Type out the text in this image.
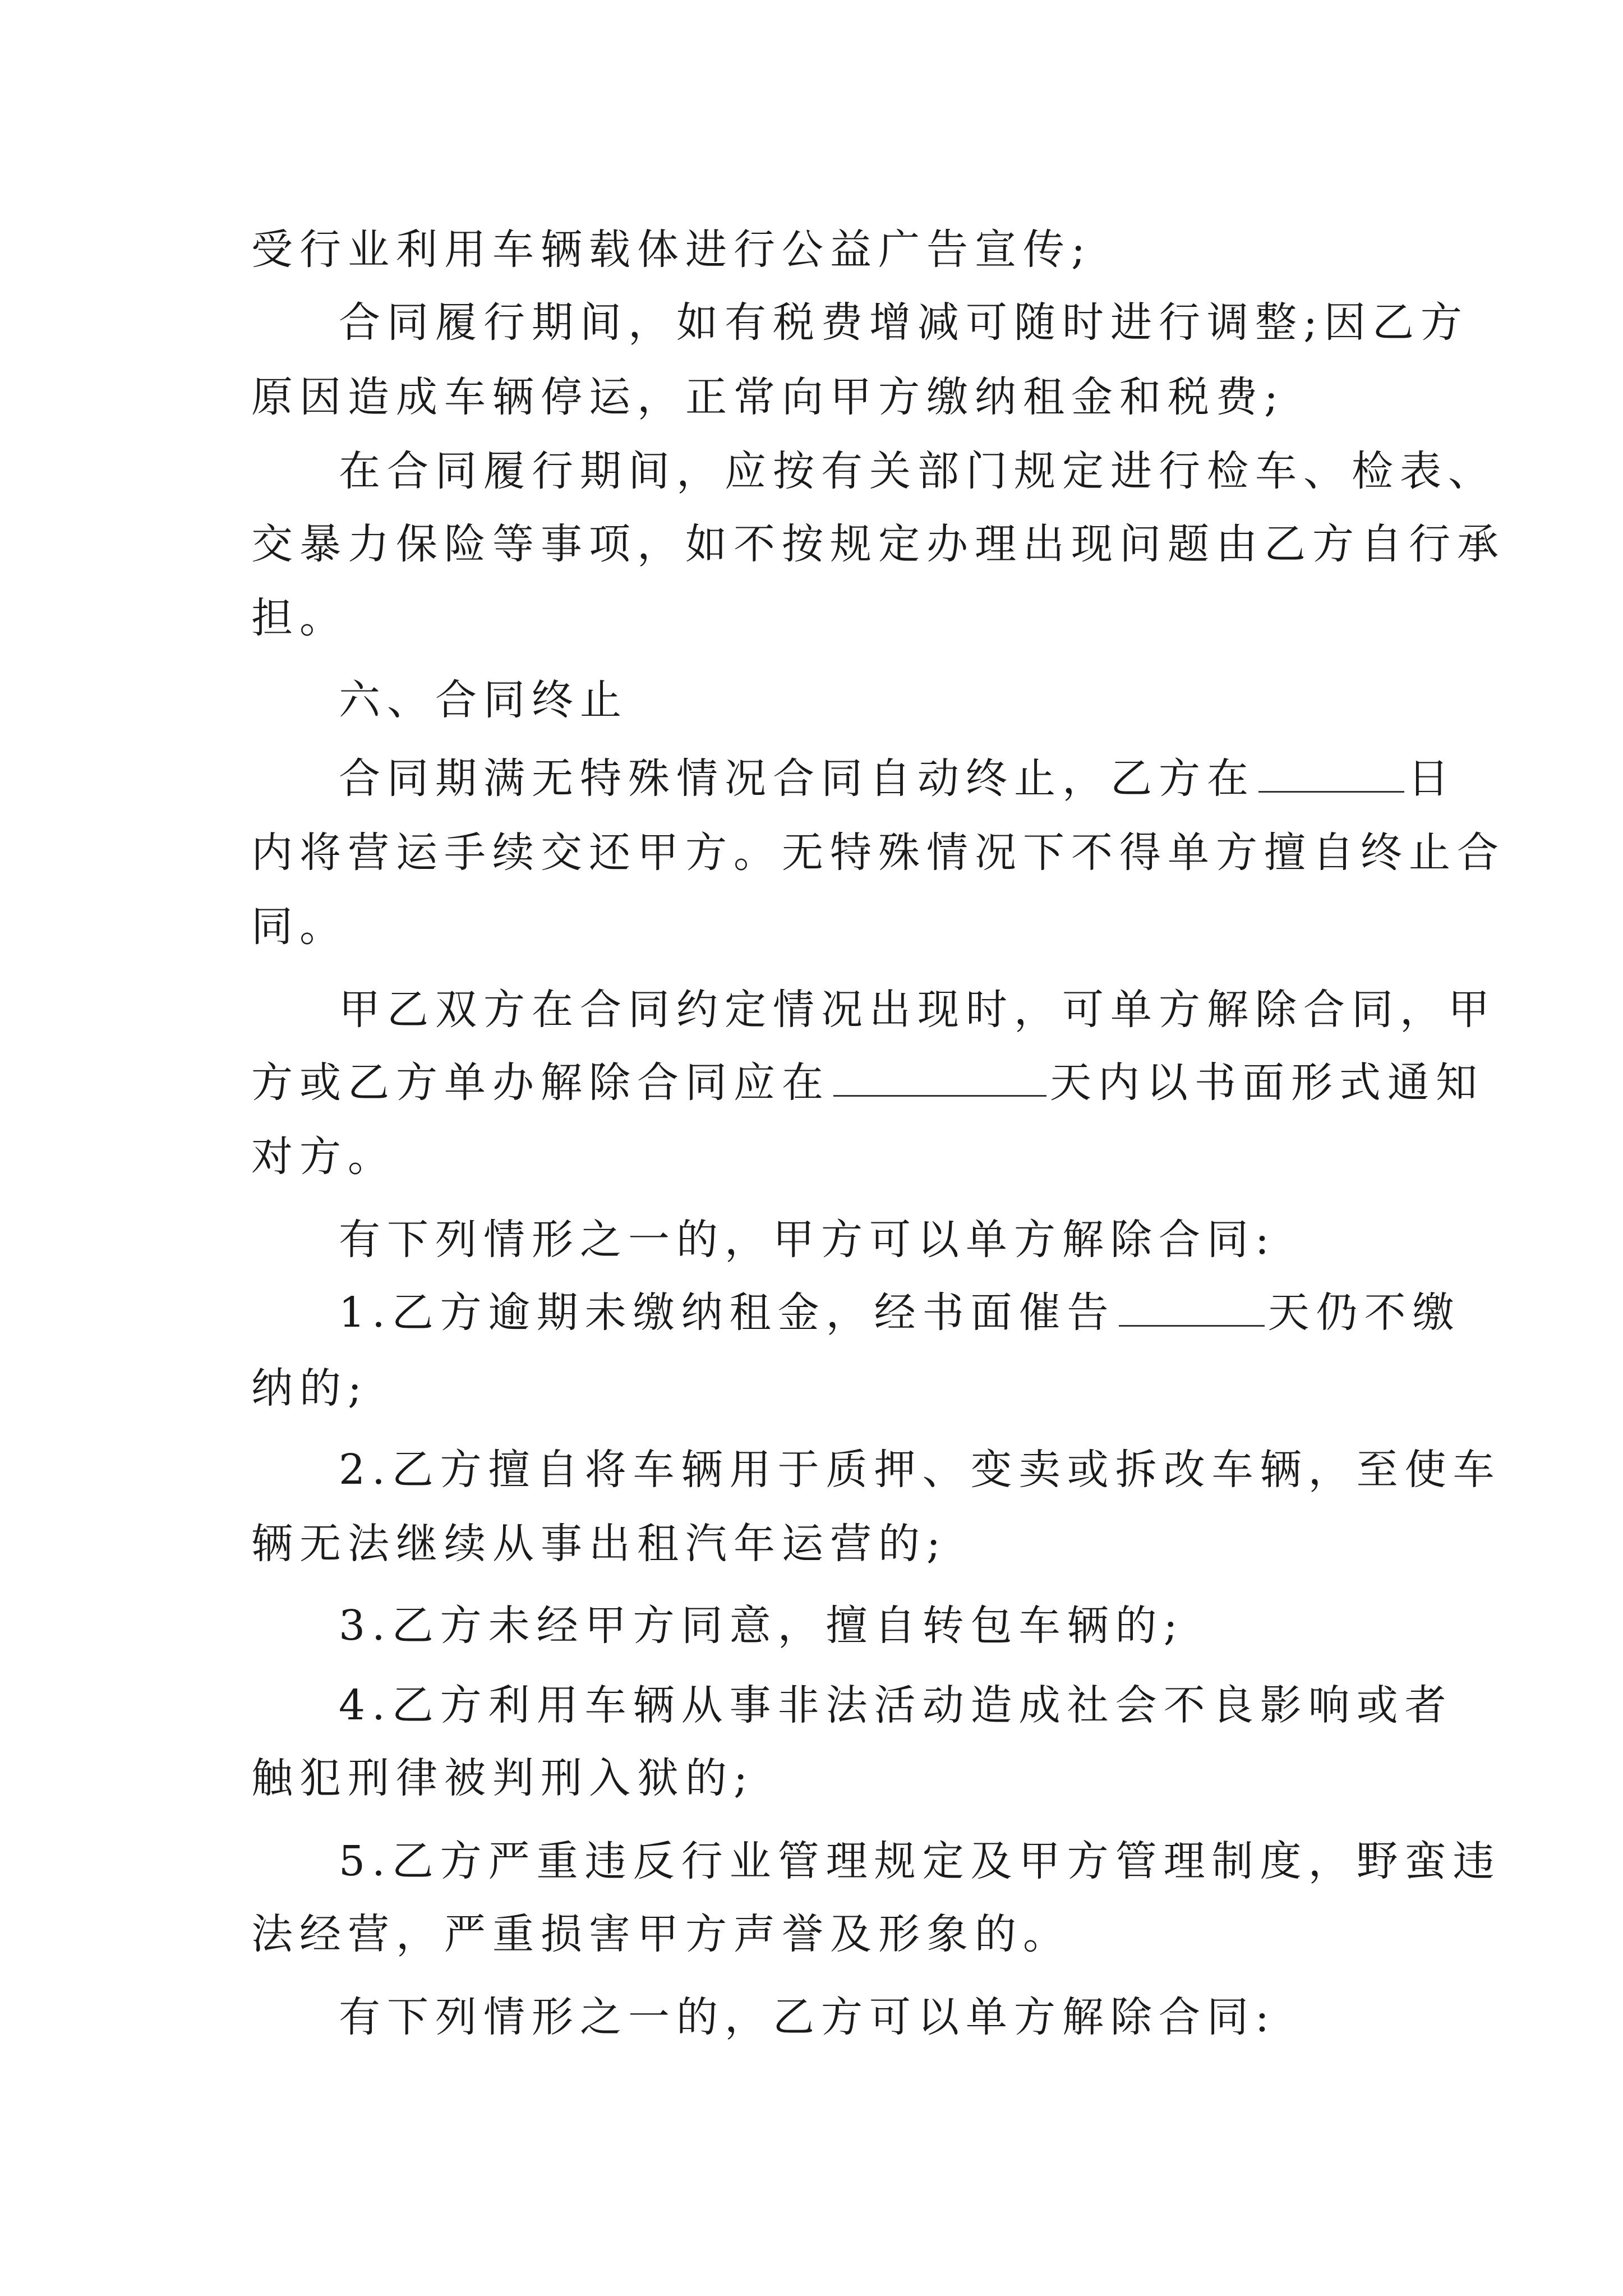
受行业利用车辆载体进行公益广告宣传;
合同履行期间，如有税费增减可随时进行调整;因乙方
原因造成车辆停运，正常向甲方缴纳租金和税费;
在合同履行期间，应按有关部门规定进行检车、检表、
交暴力保险等事项，如不按规定办理出现问题由乙方自行承
担。
六、合同终止
合同期满无特殊情况合同自动终止，乙方在	日
内将营运手续交还甲方。无特殊情况下不得单方擅自终止合
同。
甲乙双方在合同约定情况出现时，可单方解除合同，甲
方或乙方单办解除合同应在	天内以书面形式通知
对方。
有下列情形之一的，甲方可以单方解除合同:
1.乙方逾期未缴纳租金，经书面催告	天仍不缴
纳的;
2.乙方擅自将车辆用于质押、变卖或拆改车辆，至使车
辆无法继续从事出租汽年运营的;
3.乙方未经甲方同意，擅自转包车辆的;
4.乙方利用车辆从事非法活动造成社会不良影响或者
触犯刑律被判刑入狱的;
5.乙方严重违反行业管理规定及甲方管理制度，野蛮违
法经营，严重损害甲方声誉及形象的。
有下列情形之一的，乙方可以单方解除合同:
